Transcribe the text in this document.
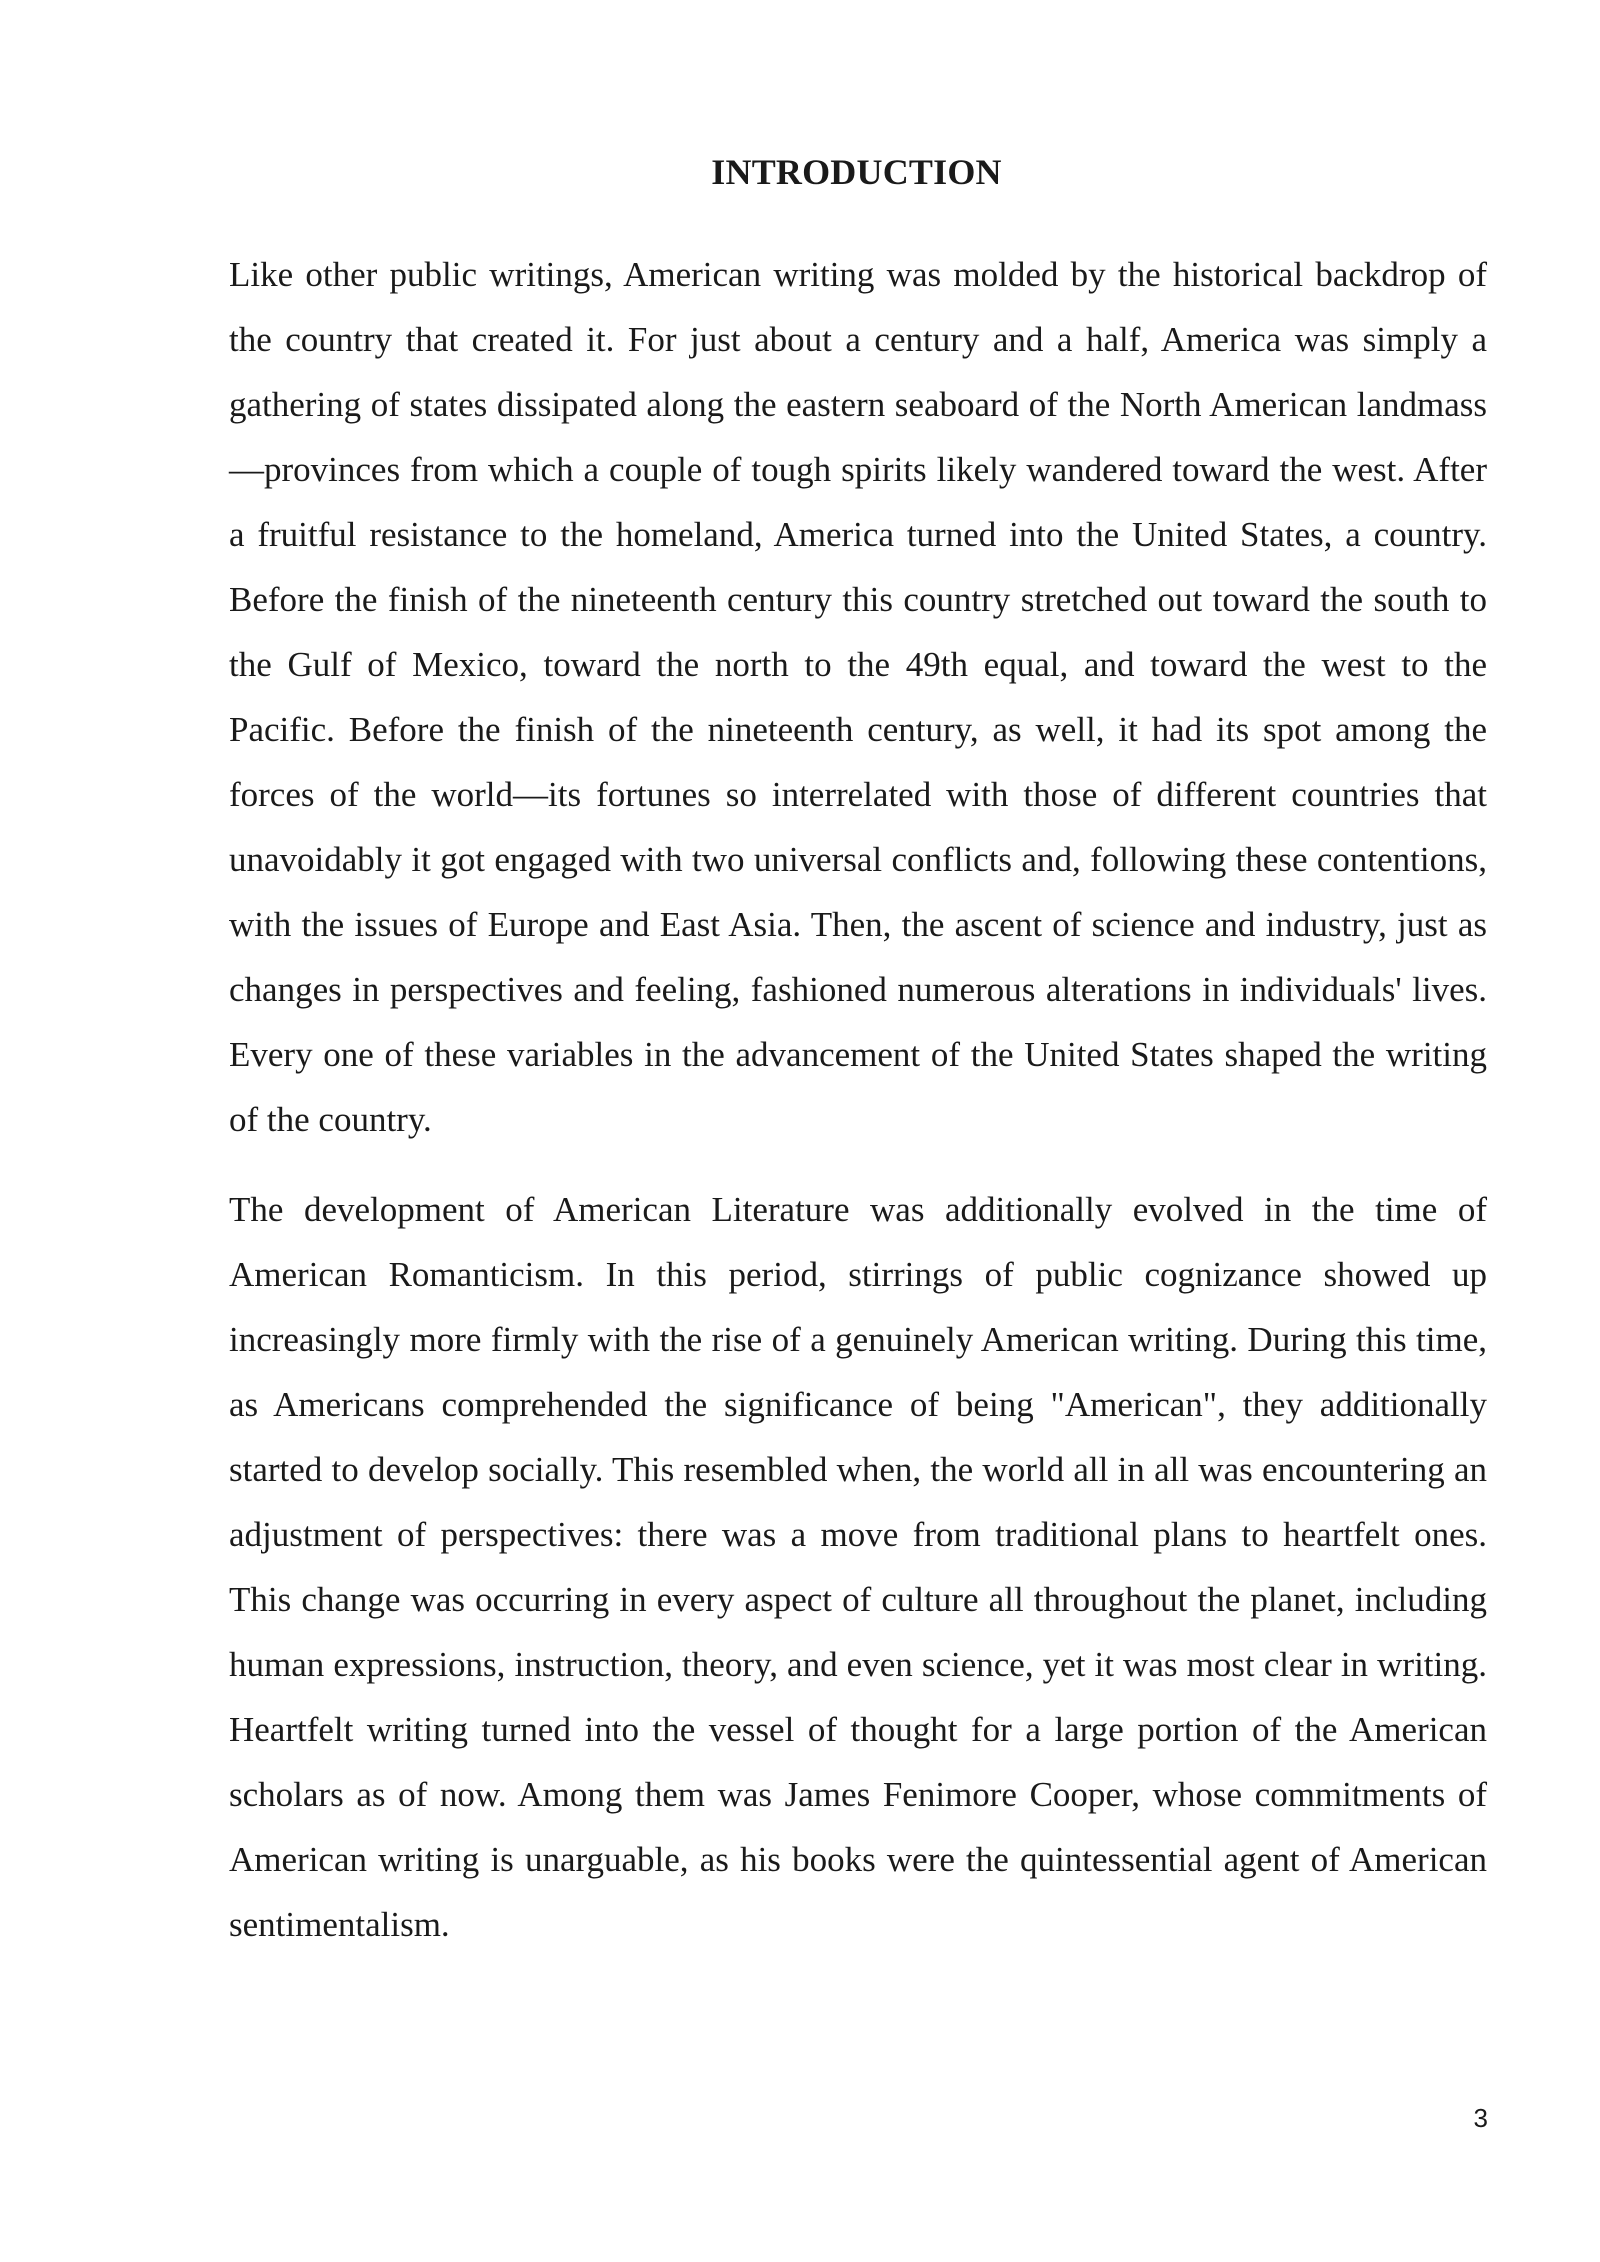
INTRODUCTION

Like other public writings, American writing was molded by the historical backdrop of the country that created it. For just about a century and a half, America was simply a gathering of states dissipated along the eastern seaboard of the North American landmass—provinces from which a couple of tough spirits likely wandered toward the west. After a fruitful resistance to the homeland, America turned into the United States, a country. Before the finish of the nineteenth century this country stretched out toward the south to the Gulf of Mexico, toward the north to the 49th equal, and toward the west to the Pacific. Before the finish of the nineteenth century, as well, it had its spot among the forces of the world—its fortunes so interrelated with those of different countries that unavoidably it got engaged with two universal conflicts and, following these contentions, with the issues of Europe and East Asia. Then, the ascent of science and industry, just as changes in perspectives and feeling, fashioned numerous alterations in individuals' lives. Every one of these variables in the advancement of the United States shaped the writing of the country.

The development of American Literature was additionally evolved in the time of American Romanticism. In this period, stirrings of public cognizance showed up increasingly more firmly with the rise of a genuinely American writing. During this time, as Americans comprehended the significance of being "American", they additionally started to develop socially. This resembled when, the world all in all was encountering an adjustment of perspectives: there was a move from traditional plans to heartfelt ones. This change was occurring in every aspect of culture all throughout the planet, including human expressions, instruction, theory, and even science, yet it was most clear in writing. Heartfelt writing turned into the vessel of thought for a large portion of the American scholars as of now. Among them was James Fenimore Cooper, whose commitments of American writing is unarguable, as his books were the quintessential agent of American sentimentalism.

3
